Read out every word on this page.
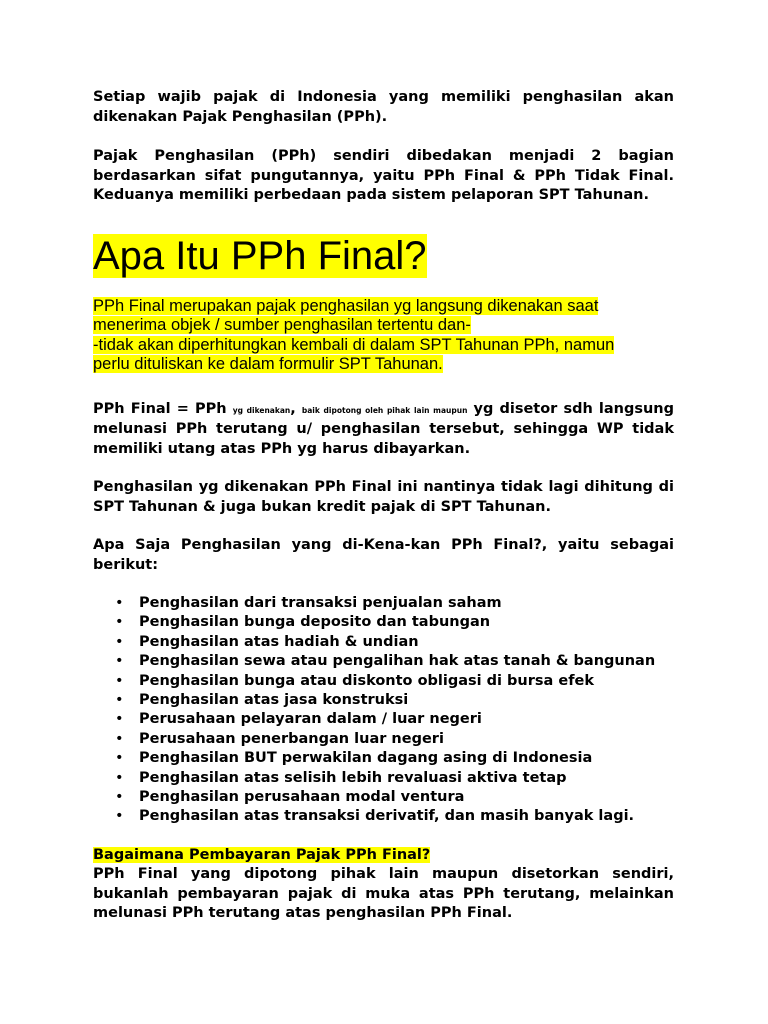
Setiap wajib pajak di Indonesia yang memiliki penghasilan akan dikenakan Pajak Penghasilan (PPh).

Pajak Penghasilan (PPh) sendiri dibedakan menjadi 2 bagian berdasarkan sifat pungutannya, yaitu PPh Final & PPh Tidak Final. Keduanya memiliki perbedaan pada sistem pelaporan SPT Tahunan.

Apa Itu PPh Final?

PPh Final merupakan pajak penghasilan yg langsung dikenakan saat
menerima objek / sumber penghasilan tertentu dan-
-tidak akan diperhitungkan kembali di dalam SPT Tahunan PPh, namun
perlu dituliskan ke dalam formulir SPT Tahunan.

PPh Final = PPh yg dikenakan, baik dipotong oleh pihak lain maupun yg disetor sdh langsung melunasi PPh terutang u/ penghasilan tersebut, sehingga WP tidak memiliki utang atas PPh yg harus dibayarkan.

Penghasilan yg dikenakan PPh Final ini nantinya tidak lagi dihitung di SPT Tahunan & juga bukan kredit pajak di SPT Tahunan.

Apa Saja Penghasilan yang di-Kena-kan PPh Final?, yaitu sebagai berikut:

• Penghasilan dari transaksi penjualan saham
• Penghasilan bunga deposito dan tabungan
• Penghasilan atas hadiah & undian
• Penghasilan sewa atau pengalihan hak atas tanah & bangunan
• Penghasilan bunga atau diskonto obligasi di bursa efek
• Penghasilan atas jasa konstruksi
• Perusahaan pelayaran dalam / luar negeri
• Perusahaan penerbangan luar negeri
• Penghasilan BUT perwakilan dagang asing di Indonesia
• Penghasilan atas selisih lebih revaluasi aktiva tetap
• Penghasilan perusahaan modal ventura
• Penghasilan atas transaksi derivatif, dan masih banyak lagi.

Bagaimana Pembayaran Pajak PPh Final?

PPh Final yang dipotong pihak lain maupun disetorkan sendiri, bukanlah pembayaran pajak di muka atas PPh terutang, melainkan melunasi PPh terutang atas penghasilan PPh Final.
